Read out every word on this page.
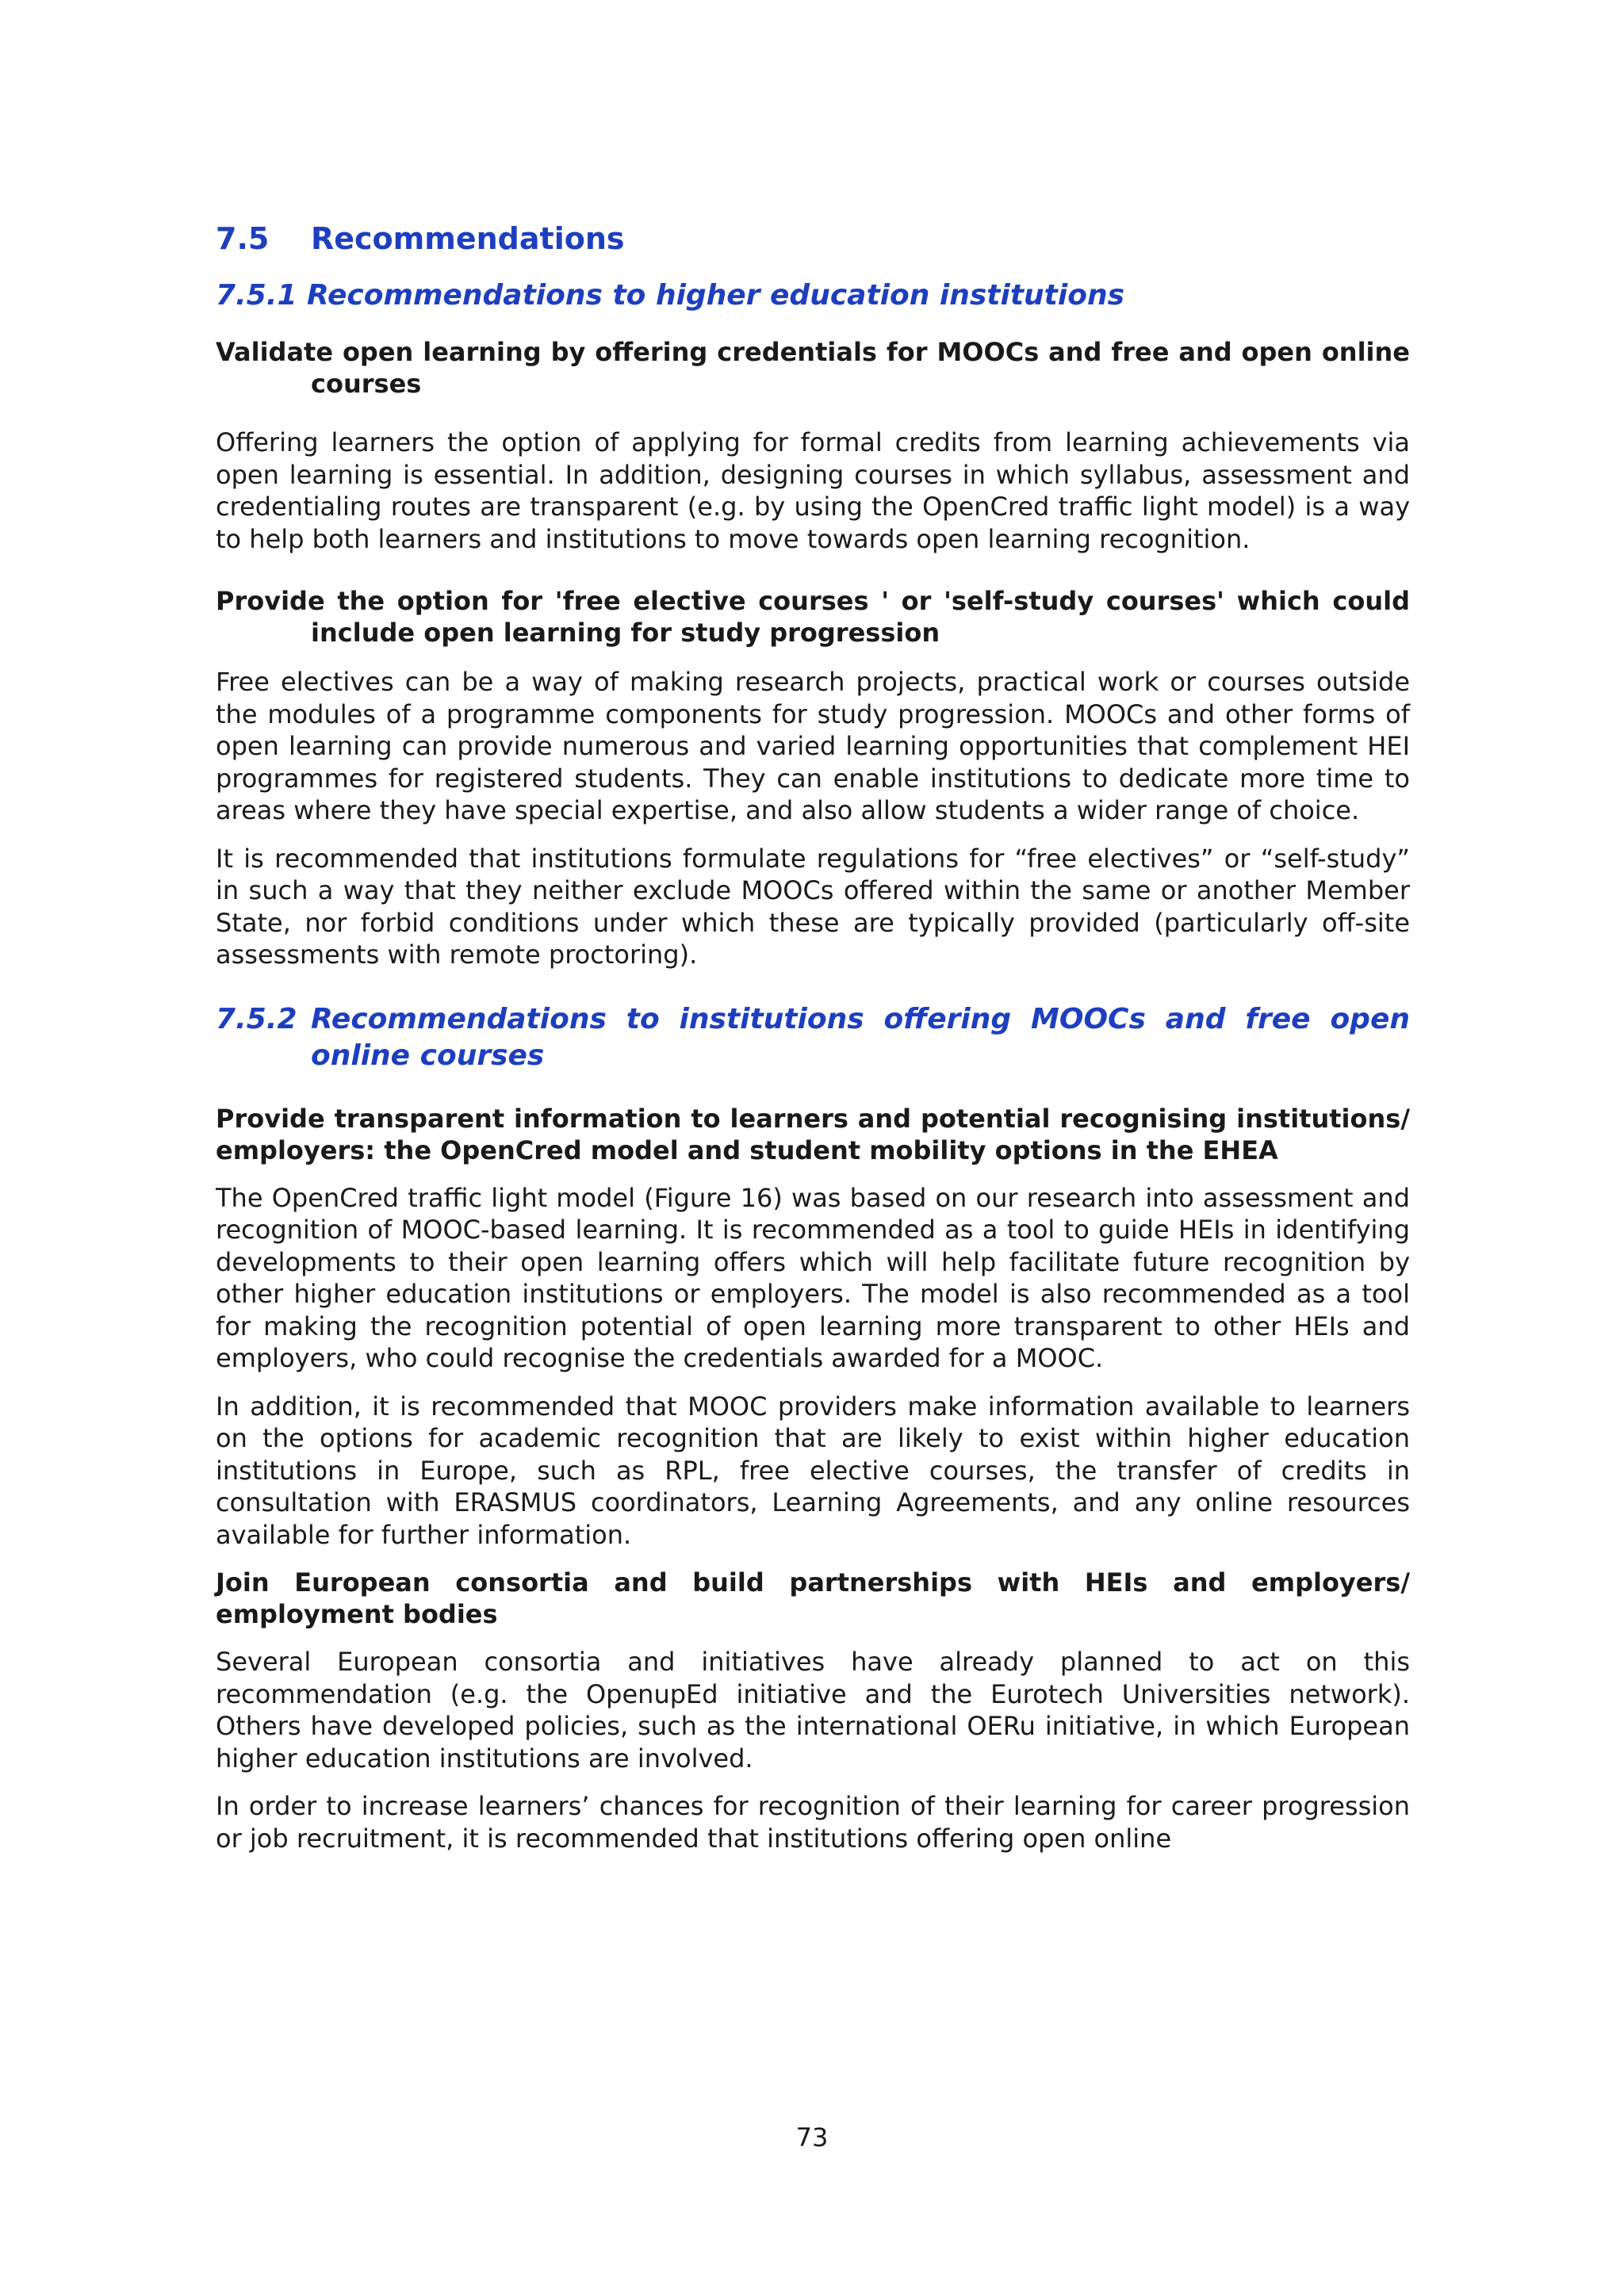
7.5	Recommendations
7.5.1 Recommendations to higher education institutions
Validate open learning by offering credentials for MOOCs and free and open online courses
Offering learners the option of applying for formal credits from learning achievements via open learning is essential. In addition, designing courses in which syllabus, assessment and credentialing routes are transparent (e.g. by using the OpenCred traffic light model) is a way to help both learners and institutions to move towards open learning recognition.
Provide the option for 'free elective courses ' or 'self-study courses' which could include open learning for study progression
Free electives can be a way of making research projects, practical work or courses outside the modules of a programme components for study progression. MOOCs and other forms of open learning can provide numerous and varied learning opportunities that complement HEI programmes for registered students. They can enable institutions to dedicate more time to areas where they have special expertise, and also allow students a wider range of choice.
It is recommended that institutions formulate regulations for “free electives” or “self-study” in such a way that they neither exclude MOOCs offered within the same or another Member State, nor forbid conditions under which these are typically provided (particularly off-site assessments with remote proctoring).
7.5.2 Recommendations to institutions offering MOOCs and free open online courses
Provide transparent information to learners and potential recognising institutions/ employers: the OpenCred model and student mobility options in the EHEA
The OpenCred traffic light model (Figure 16) was based on our research into assessment and recognition of MOOC-based learning. It is recommended as a tool to guide HEIs in identifying developments to their open learning offers which will help facilitate future recognition by other higher education institutions or employers. The model is also recommended as a tool for making the recognition potential of open learning more transparent to other HEIs and employers, who could recognise the credentials awarded for a MOOC.
In addition, it is recommended that MOOC providers make information available to learners on the options for academic recognition that are likely to exist within higher education institutions in Europe, such as RPL, free elective courses, the transfer of credits in consultation with ERASMUS coordinators, Learning Agreements, and any online resources available for further information.
Join European consortia and build partnerships with HEIs and employers/ employment bodies
Several European consortia and initiatives have already planned to act on this recommendation (e.g. the OpenupEd initiative and the Eurotech Universities network). Others have developed policies, such as the international OERu initiative, in which European higher education institutions are involved.
In order to increase learners’ chances for recognition of their learning for career progression or job recruitment, it is recommended that institutions offering open online
73
